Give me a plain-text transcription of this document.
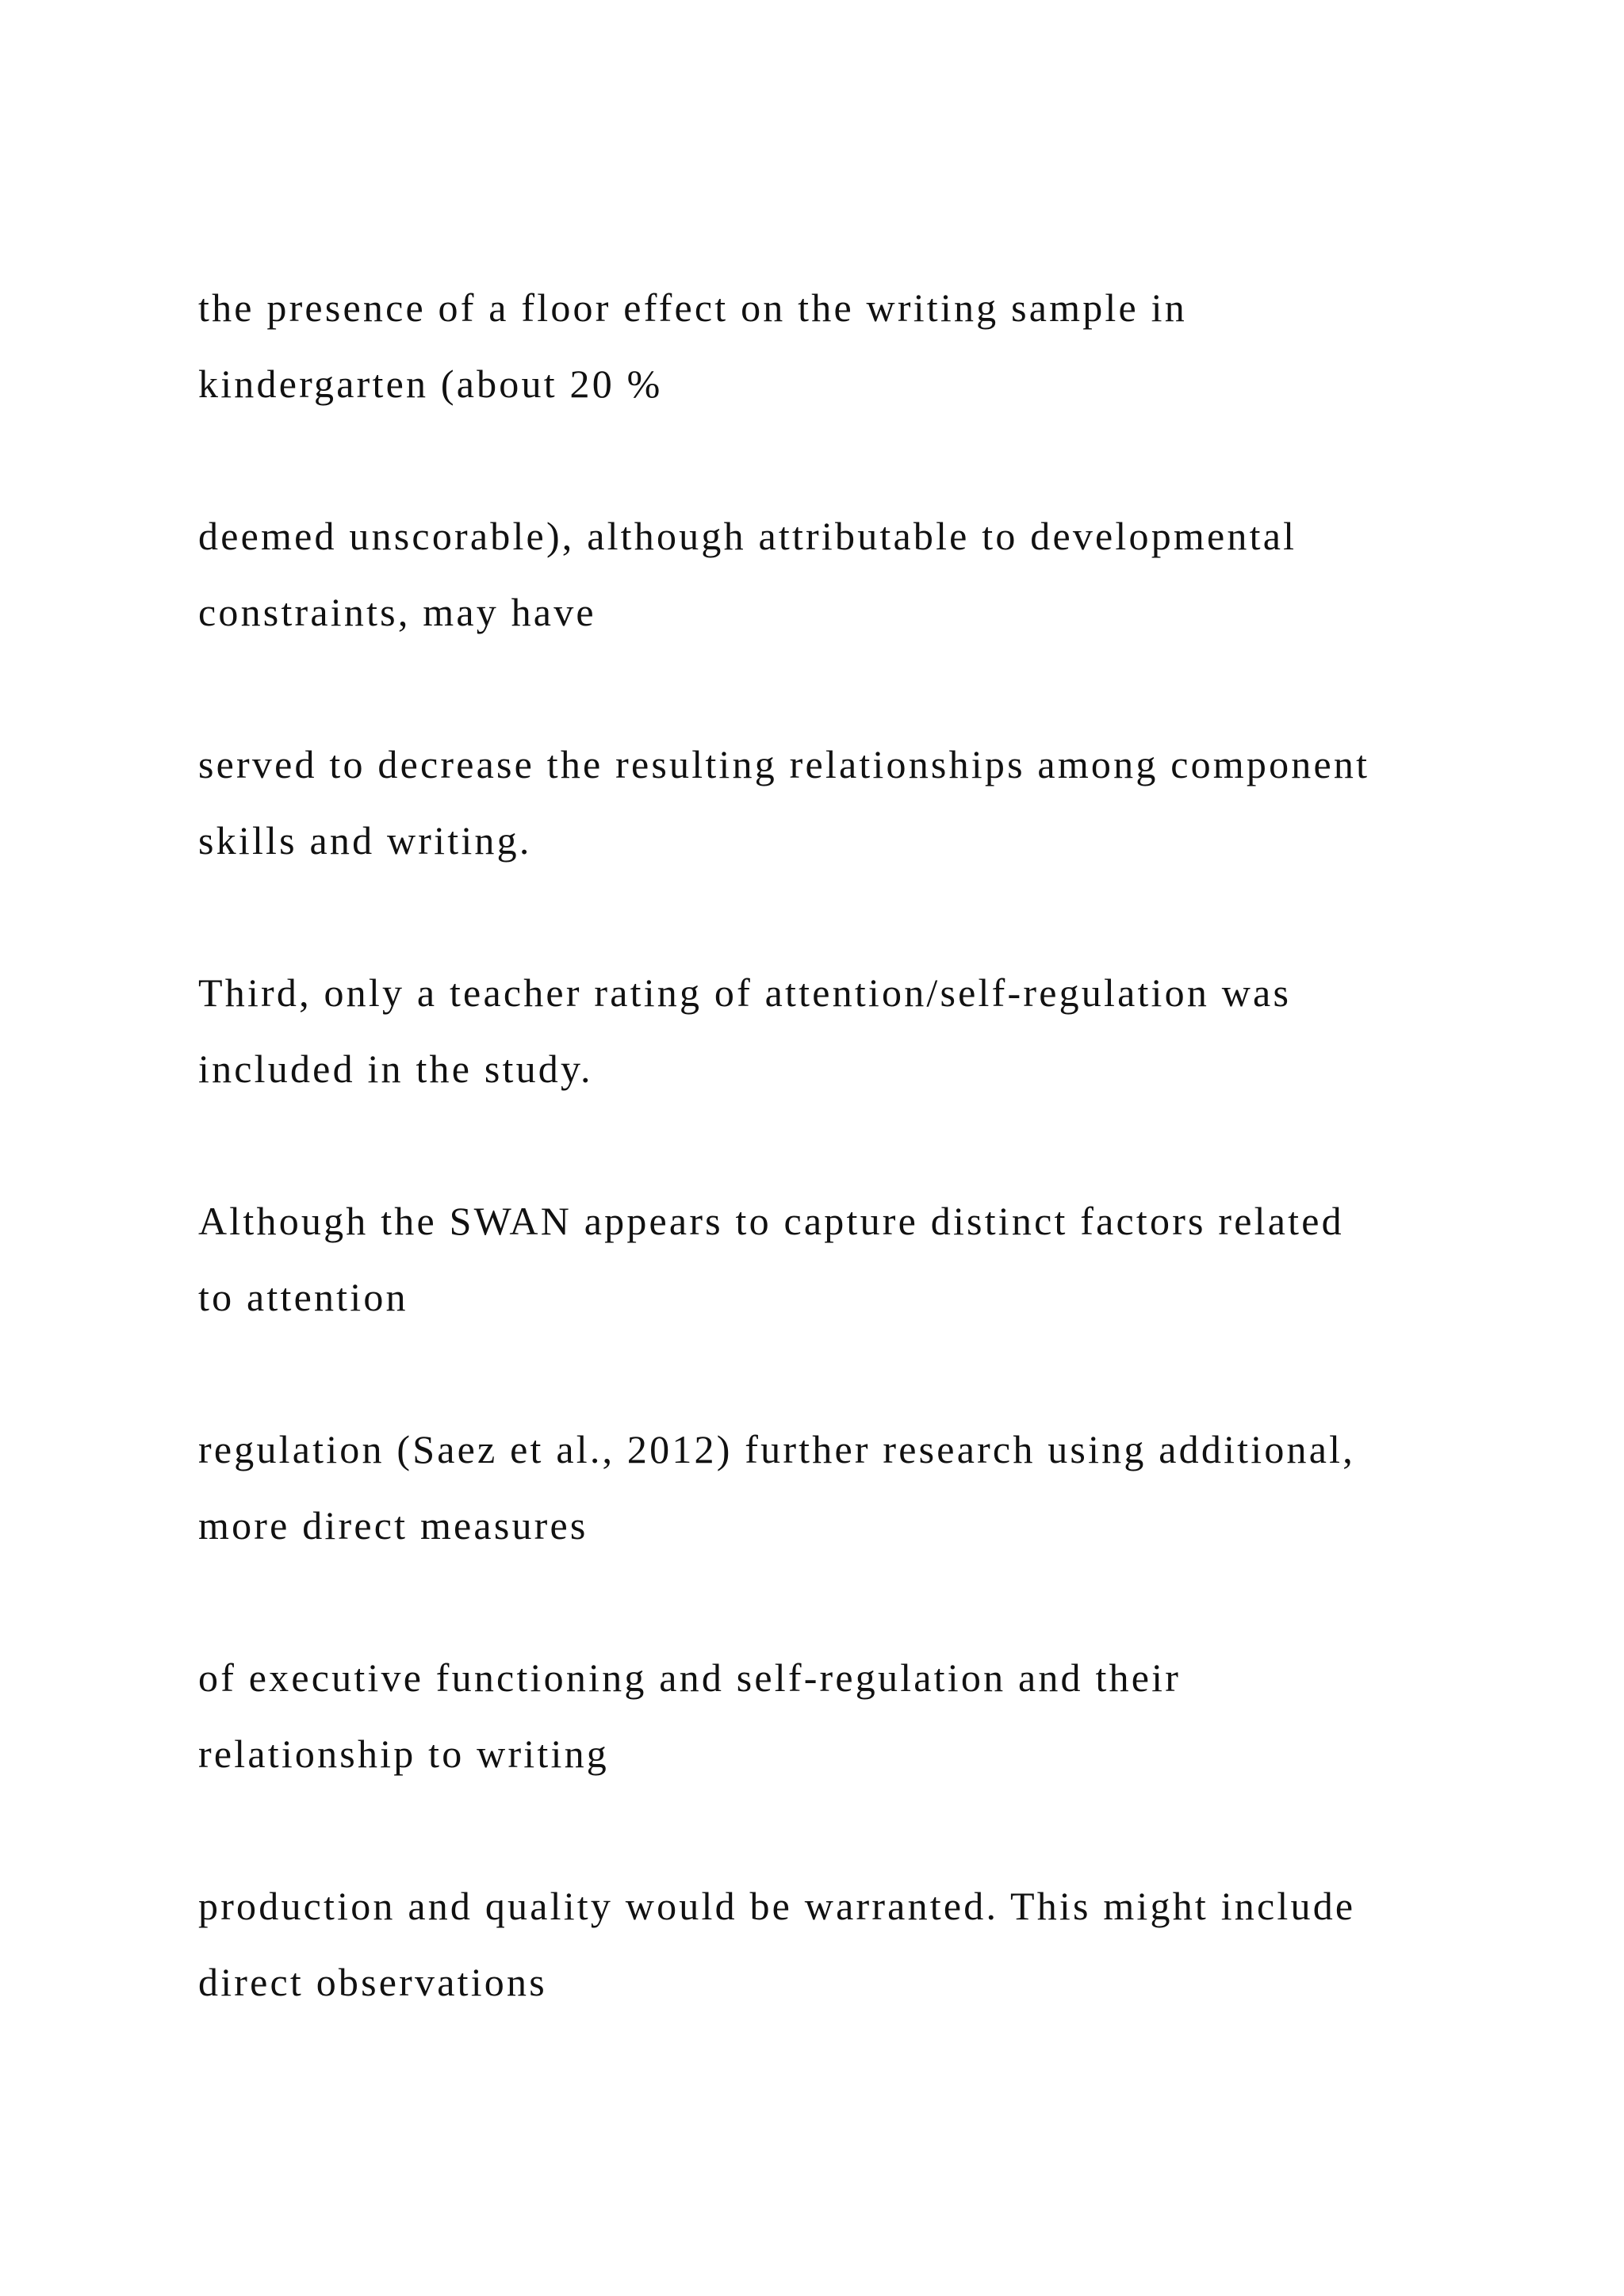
the presence of a floor effect on the writing sample in
kindergarten (about 20 %

deemed unscorable), although attributable to developmental
constraints, may have

served to decrease the resulting relationships among component
skills and writing.

Third, only a teacher rating of attention/self-regulation was
included in the study.

Although the SWAN appears to capture distinct factors related
to attention

regulation (Saez et al., 2012) further research using additional,
more direct measures

of executive functioning and self-regulation and their
relationship to writing

production and quality would be warranted. This might include
direct observations
